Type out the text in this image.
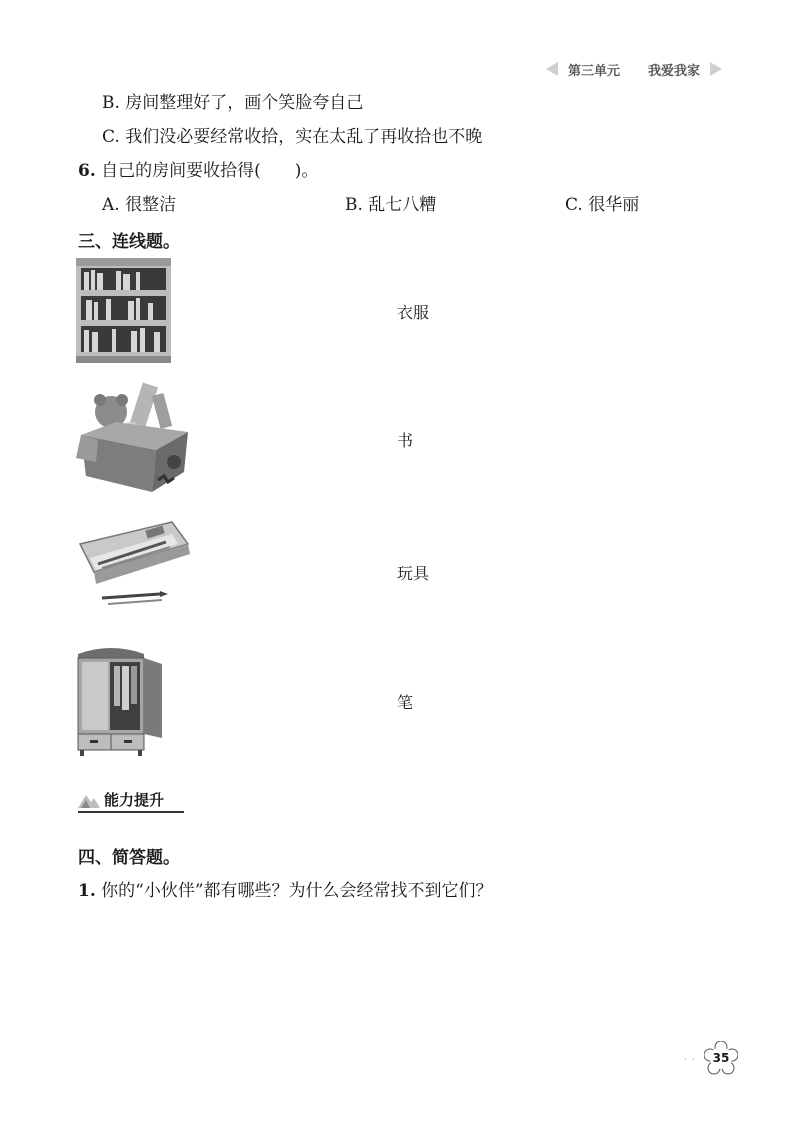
第三单元 我爱我家
B. 房间整理好了，画个笑脸夸自己
C. 我们没必要经常收拾，实在太乱了再收拾也不晚
6. 自己的房间要收拾得(　　)。
A. 很整洁	B. 乱七八糟	C. 很华丽
三、连线题。
衣服
书
玩具
笔
能力提升
四、简答题。
1. 你的“小伙伴”都有哪些？为什么会经常找不到它们？
· · 35
